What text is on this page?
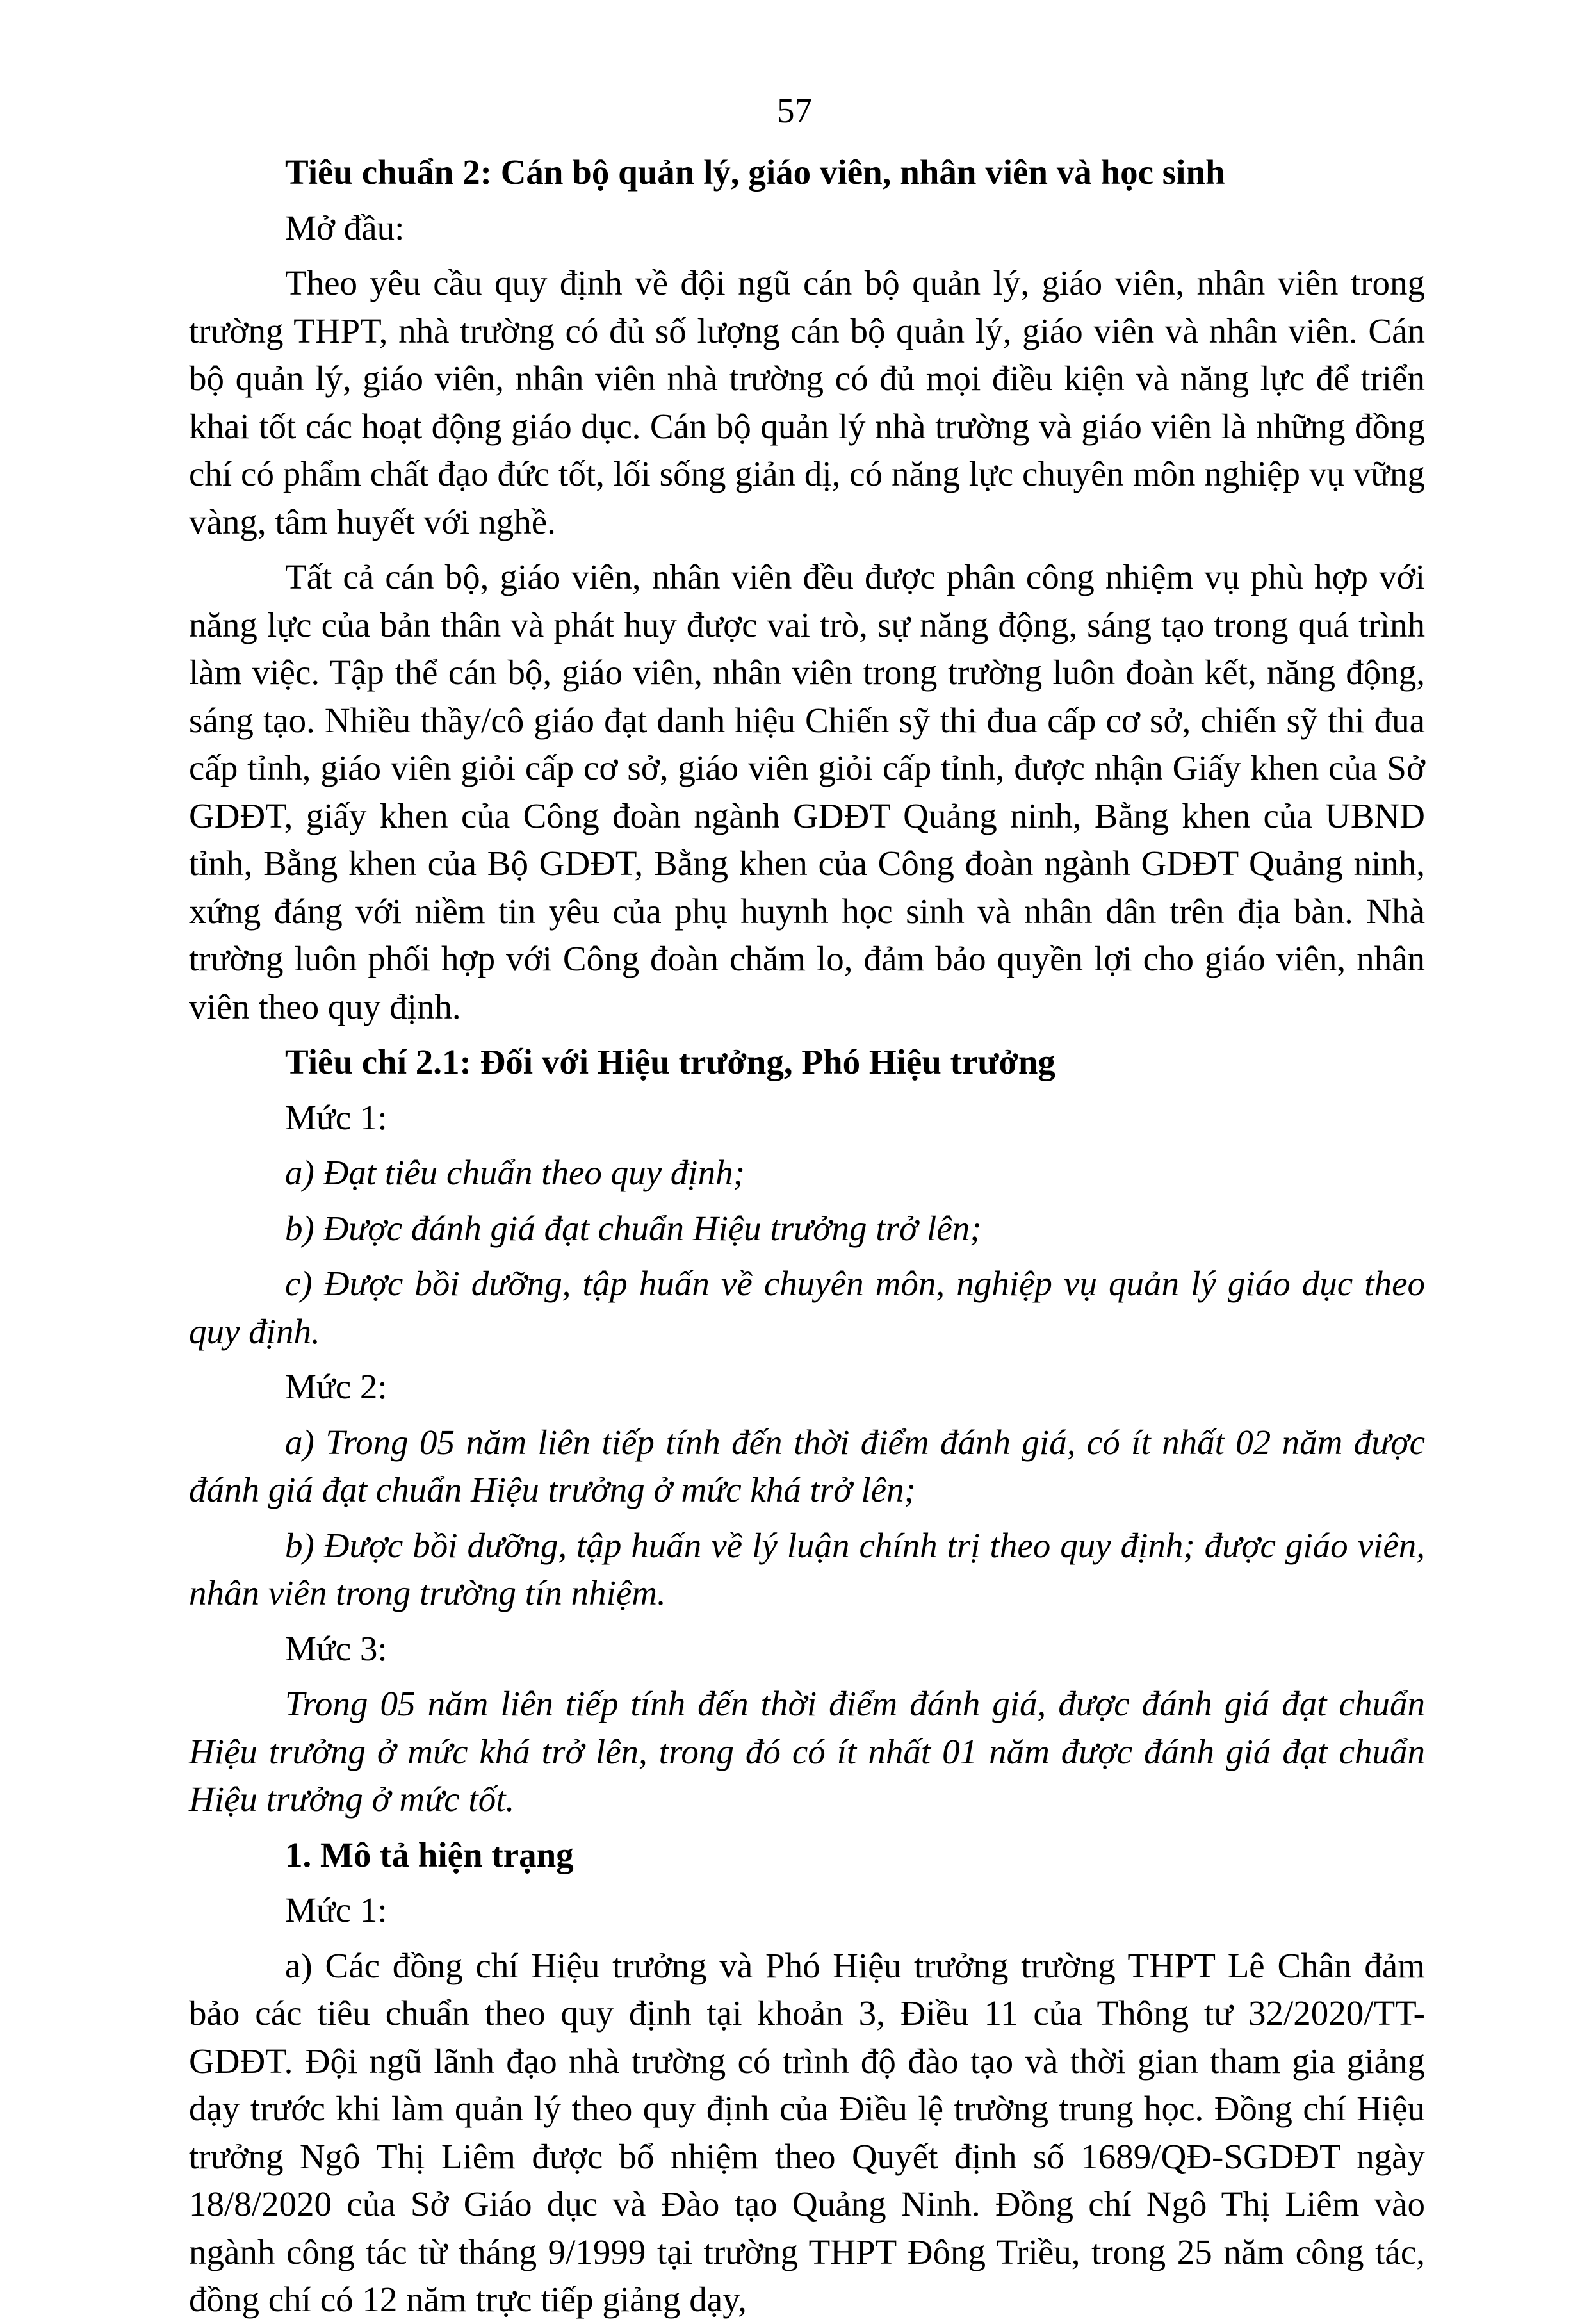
57

Tiêu chuẩn 2: Cán bộ quản lý, giáo viên, nhân viên và học sinh

Mở đầu:

Theo yêu cầu quy định về đội ngũ cán bộ quản lý, giáo viên, nhân viên trong trường THPT, nhà trường có đủ số lượng cán bộ quản lý, giáo viên và nhân viên. Cán bộ quản lý, giáo viên, nhân viên nhà trường có đủ mọi điều kiện và năng lực để triển khai tốt các hoạt động giáo dục. Cán bộ quản lý nhà trường và giáo viên là những đồng chí có phẩm chất đạo đức tốt, lối sống giản dị, có năng lực chuyên môn nghiệp vụ vững vàng, tâm huyết với nghề.

Tất cả cán bộ, giáo viên, nhân viên đều được phân công nhiệm vụ phù hợp với năng lực của bản thân và phát huy được vai trò, sự năng động, sáng tạo trong quá trình làm việc. Tập thể cán bộ, giáo viên, nhân viên trong trường luôn đoàn kết, năng động, sáng tạo. Nhiều thầy/cô giáo đạt danh hiệu Chiến sỹ thi đua cấp cơ sở, chiến sỹ thi đua cấp tỉnh, giáo viên giỏi cấp cơ sở, giáo viên giỏi cấp tỉnh, được nhận Giấy khen của Sở GDĐT, giấy khen của Công đoàn ngành GDĐT Quảng ninh, Bằng khen của UBND tỉnh, Bằng khen của Bộ GDĐT, Bằng khen của Công đoàn ngành GDĐT Quảng ninh, xứng đáng với niềm tin yêu của phụ huynh học sinh và nhân dân trên địa bàn. Nhà trường luôn phối hợp với Công đoàn chăm lo, đảm bảo quyền lợi cho giáo viên, nhân viên theo quy định.

Tiêu chí 2.1: Đối với Hiệu trưởng, Phó Hiệu trưởng

Mức 1:

a) Đạt tiêu chuẩn theo quy định;

b) Được đánh giá đạt chuẩn Hiệu trưởng trở lên;

c) Được bồi dưỡng, tập huấn về chuyên môn, nghiệp vụ quản lý giáo dục theo quy định.

Mức 2:

a) Trong 05 năm liên tiếp tính đến thời điểm đánh giá, có ít nhất 02 năm được đánh giá đạt chuẩn Hiệu trưởng ở mức khá trở lên;

b) Được bồi dưỡng, tập huấn về lý luận chính trị theo quy định; được giáo viên, nhân viên trong trường tín nhiệm.

Mức 3:

Trong 05 năm liên tiếp tính đến thời điểm đánh giá, được đánh giá đạt chuẩn Hiệu trưởng ở mức khá trở lên, trong đó có ít nhất 01 năm được đánh giá đạt chuẩn Hiệu trưởng ở mức tốt.

1. Mô tả hiện trạng

Mức 1:

a) Các đồng chí Hiệu trưởng và Phó Hiệu trưởng trường THPT Lê Chân đảm bảo các tiêu chuẩn theo quy định tại khoản 3, Điều 11 của Thông tư 32/2020/TT-GDĐT. Đội ngũ lãnh đạo nhà trường có trình độ đào tạo và thời gian tham gia giảng dạy trước khi làm quản lý theo quy định của Điều lệ trường trung học. Đồng chí Hiệu trưởng Ngô Thị Liêm được bổ nhiệm theo Quyết định số 1689/QĐ-SGDĐT ngày 18/8/2020 của Sở Giáo dục và Đào tạo Quảng Ninh. Đồng chí Ngô Thị Liêm vào ngành công tác từ tháng 9/1999 tại trường THPT Đông Triều, trong 25 năm công tác, đồng chí có 12 năm trực tiếp giảng dạy,
